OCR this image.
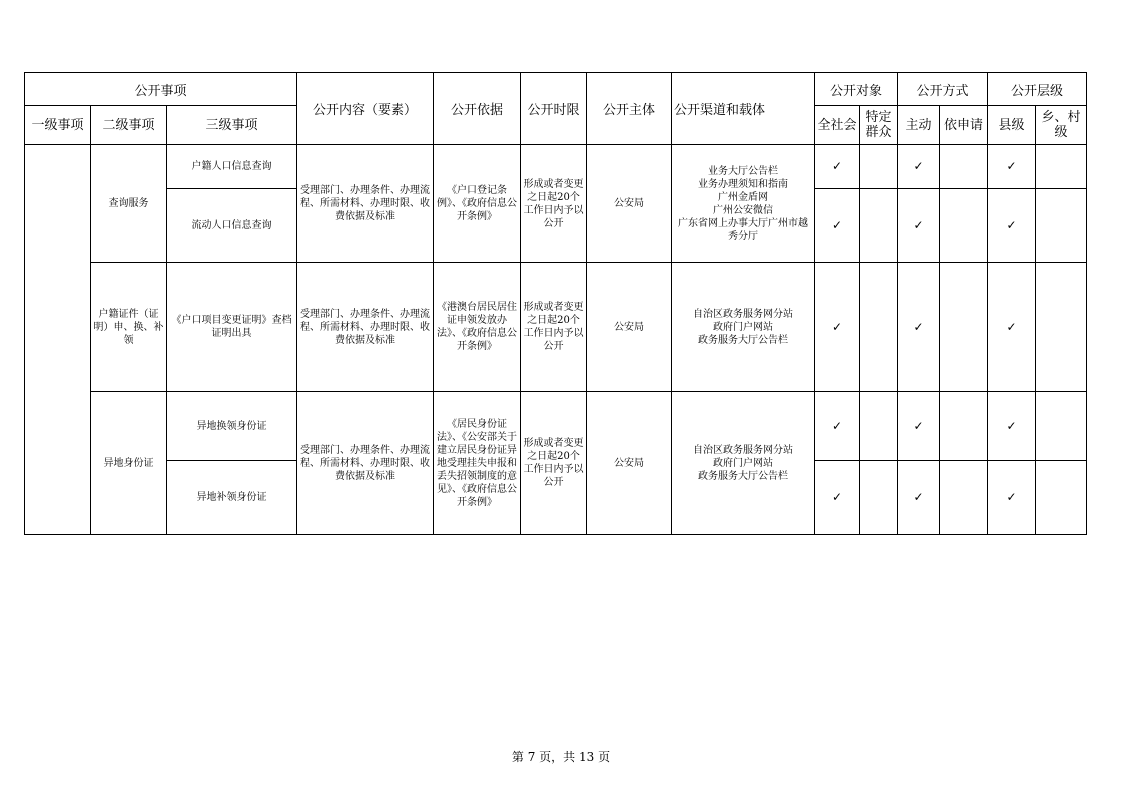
公开事项			公开内容（要素）	公开依据	公开时限	公开主体	公开渠道和载体	公开对象		公开方式		公开层级	
一级事项	二级事项	三级事项						全社会	特定群众	主动	依申请	县级	乡、村级
	查询服务	户籍人口信息查询	受理部门、办理条件、办理流程、所需材料、办理时限、收费依据及标准	《户口登记条例》、《政府信息公开条例》	形成或者变更之日起20个工作日内予以公开	公安局	业务大厅公告栏
业务办理须知和指南
广州金盾网
广州公安微信
广东省网上办事大厅广州市越秀分厅	✓		✓		✓	
		流动人口信息查询						✓		✓		✓	
	户籍证件（证明）申、换、补领	《户口项目变更证明》查档证明出具	受理部门、办理条件、办理流程、所需材料、办理时限、收费依据及标准	《港澳台居民居住证申领发放办法》、《政府信息公开条例》	形成或者变更之日起20个工作日内予以公开	公安局	自治区政务服务网分站
政府门户网站
政务服务大厅公告栏	✓		✓		✓	
	异地身份证	异地换领身份证	受理部门、办理条件、办理流程、所需材料、办理时限、收费依据及标准	《居民身份证法》、《公安部关于建立居民身份证异地受理挂失申报和丢失招领制度的意见》、《政府信息公开条例》	形成或者变更之日起20个工作日内予以公开	公安局	自治区政务服务网分站
政府门户网站
政务服务大厅公告栏	✓		✓		✓	
		异地补领身份证						✓		✓		✓	
第 7 页，共 13 页
